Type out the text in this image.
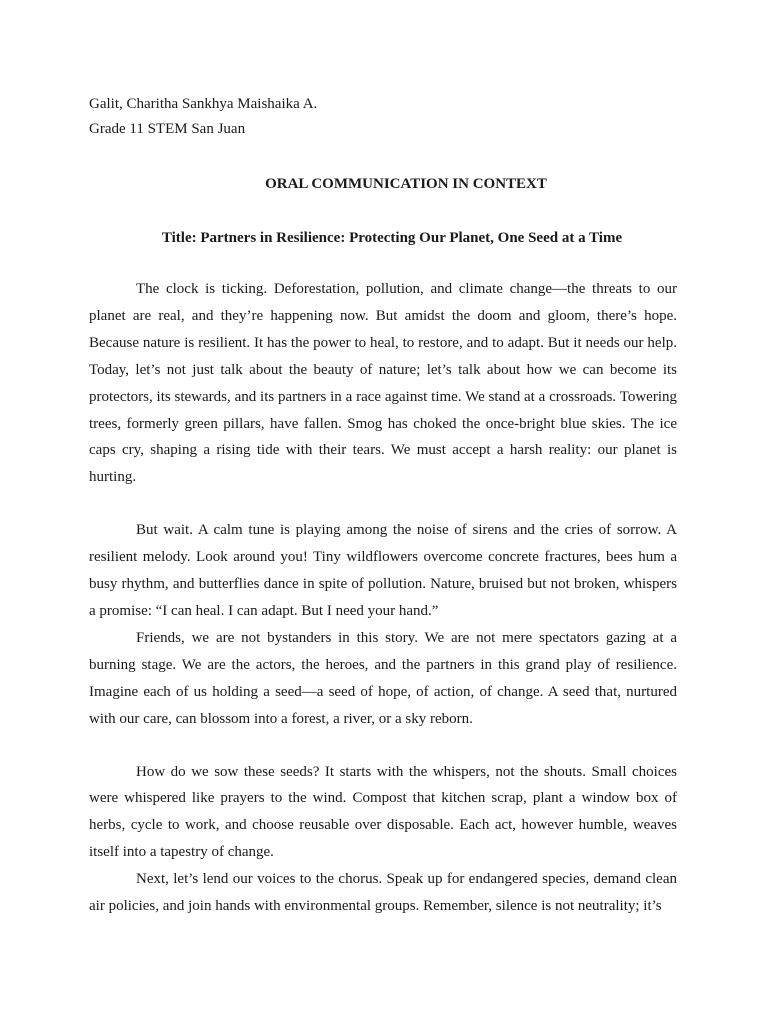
Galit, Charitha Sankhya Maishaika A.

Grade 11 STEM San Juan

ORAL COMMUNICATION IN CONTEXT

Title: Partners in Resilience: Protecting Our Planet, One Seed at a Time

The clock is ticking. Deforestation, pollution, and climate change—the threats to our planet are real, and they’re happening now. But amidst the doom and gloom, there’s hope. Because nature is resilient. It has the power to heal, to restore, and to adapt. But it needs our help. Today, let’s not just talk about the beauty of nature; let’s talk about how we can become its protectors, its stewards, and its partners in a race against time. We stand at a crossroads. Towering trees, formerly green pillars, have fallen. Smog has choked the once-bright blue skies. The ice caps cry, shaping a rising tide with their tears. We must accept a harsh reality: our planet is hurting.

But wait. A calm tune is playing among the noise of sirens and the cries of sorrow. A resilient melody. Look around you! Tiny wildflowers overcome concrete fractures, bees hum a busy rhythm, and butterflies dance in spite of pollution. Nature, bruised but not broken, whispers a promise: “I can heal. I can adapt. But I need your hand.”

Friends, we are not bystanders in this story. We are not mere spectators gazing at a burning stage. We are the actors, the heroes, and the partners in this grand play of resilience. Imagine each of us holding a seed—a seed of hope, of action, of change. A seed that, nurtured with our care, can blossom into a forest, a river, or a sky reborn.

How do we sow these seeds? It starts with the whispers, not the shouts. Small choices were whispered like prayers to the wind. Compost that kitchen scrap, plant a window box of herbs, cycle to work, and choose reusable over disposable. Each act, however humble, weaves itself into a tapestry of change.

Next, let’s lend our voices to the chorus. Speak up for endangered species, demand clean air policies, and join hands with environmental groups. Remember, silence is not neutrality; it’s
